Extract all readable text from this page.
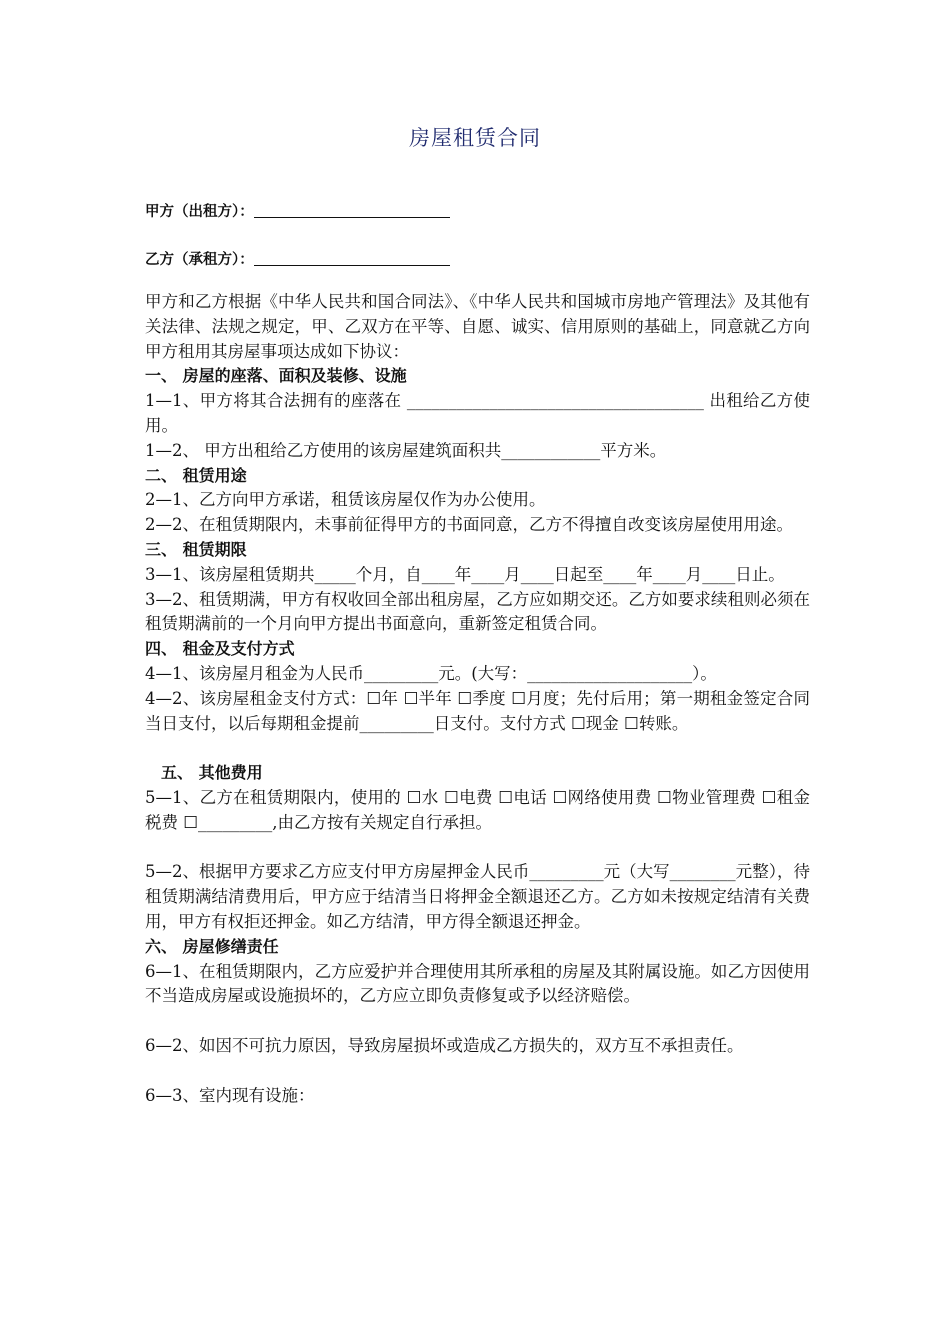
房屋租赁合同
甲方（出租方）：
乙方（承租方）：

甲方和乙方根据《中华人民共和国合同法》、《中华人民共和国城市房地产管理法》及其他有关法律、法规之规定，甲、乙双方在平等、自愿、诚实、信用原则的基础上，同意就乙方向甲方租用其房屋事项达成如下协议：

一、 房屋的座落、面积及装修、设施

1—1、甲方将其合法拥有的座落在 ____________________________________ 出租给乙方使用。

1—2、 甲方出租给乙方使用的该房屋建筑面积共____________平方米。

二、 租赁用途

2—1、乙方向甲方承诺，租赁该房屋仅作为办公使用。

2—2、在租赁期限内，未事前征得甲方的书面同意，乙方不得擅自改变该房屋使用用途。

三、 租赁期限

3—1、该房屋租赁期共_____个月，自____年____月____日起至____年____月____日止。

3—2、租赁期满，甲方有权收回全部出租房屋，乙方应如期交还。乙方如要求续租则必须在租赁期满前的一个月向甲方提出书面意向，重新签定租赁合同。

四、 租金及支付方式

4—1、该房屋月租金为人民币_________元。(大写：____________________）。

4—2、该房屋租金支付方式：☐年 ☐半年 ☐季度 ☐月度；先付后用；第一期租金签定合同当日支付，以后每期租金提前_________日支付。支付方式 ☐现金 ☐转账。

五、 其他费用

5—1、乙方在租赁期限内，使用的 ☐水 ☐电费 ☐电话 ☐网络使用费 ☐物业管理费 ☐租金税费 ☐_________,由乙方按有关规定自行承担。

5—2、根据甲方要求乙方应支付甲方房屋押金人民币_________元（大写________元整），待租赁期满结清费用后，甲方应于结清当日将押金全额退还乙方。乙方如未按规定结清有关费用，甲方有权拒还押金。如乙方结清，甲方得全额退还押金。

六、 房屋修缮责任

6—1、在租赁期限内，乙方应爱护并合理使用其所承租的房屋及其附属设施。如乙方因使用不当造成房屋或设施损坏的，乙方应立即负责修复或予以经济赔偿。

6—2、如因不可抗力原因，导致房屋损坏或造成乙方损失的，双方互不承担责任。

6—3、室内现有设施：
